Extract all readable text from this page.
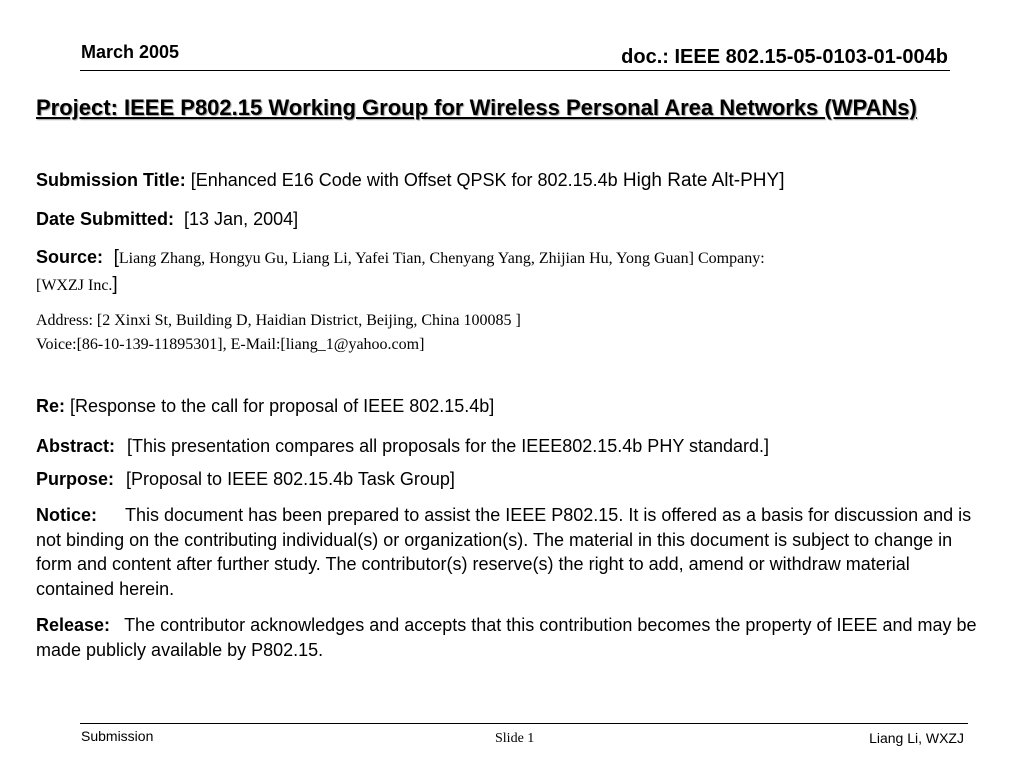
March 2005	doc.: IEEE 802.15-05-0103-01-004b
Project: IEEE P802.15 Working Group for Wireless Personal Area Networks (WPANs)
Submission Title: [Enhanced E16 Code with Offset QPSK for 802.15.4b High Rate Alt-PHY]
Date Submitted:  [13 Jan, 2004]
Source:  [Liang Zhang, Hongyu Gu, Liang Li, Yafei Tian, Chenyang Yang, Zhijian Hu, Yong Guan] Company:
[WXZJ Inc.]
Address: [2 Xinxi St, Building D, Haidian District, Beijing, China 100085 ]
Voice:[86-10-139-11895301], E-Mail:[liang_1@yahoo.com]
Re: [Response to the call for proposal of IEEE 802.15.4b]
Abstract: [This presentation compares all proposals for the IEEE802.15.4b PHY standard.]
Purpose: [Proposal to IEEE 802.15.4b Task Group]
Notice: This document has been prepared to assist the IEEE P802.15. It is offered as a basis for discussion and is not binding on the contributing individual(s) or organization(s). The material in this document is subject to change in form and content after further study. The contributor(s) reserve(s) the right to add, amend or withdraw material contained herein.
Release: The contributor acknowledges and accepts that this contribution becomes the property of IEEE and may be made publicly available by P802.15.
Submission	Slide 1	Liang Li, WXZJ
